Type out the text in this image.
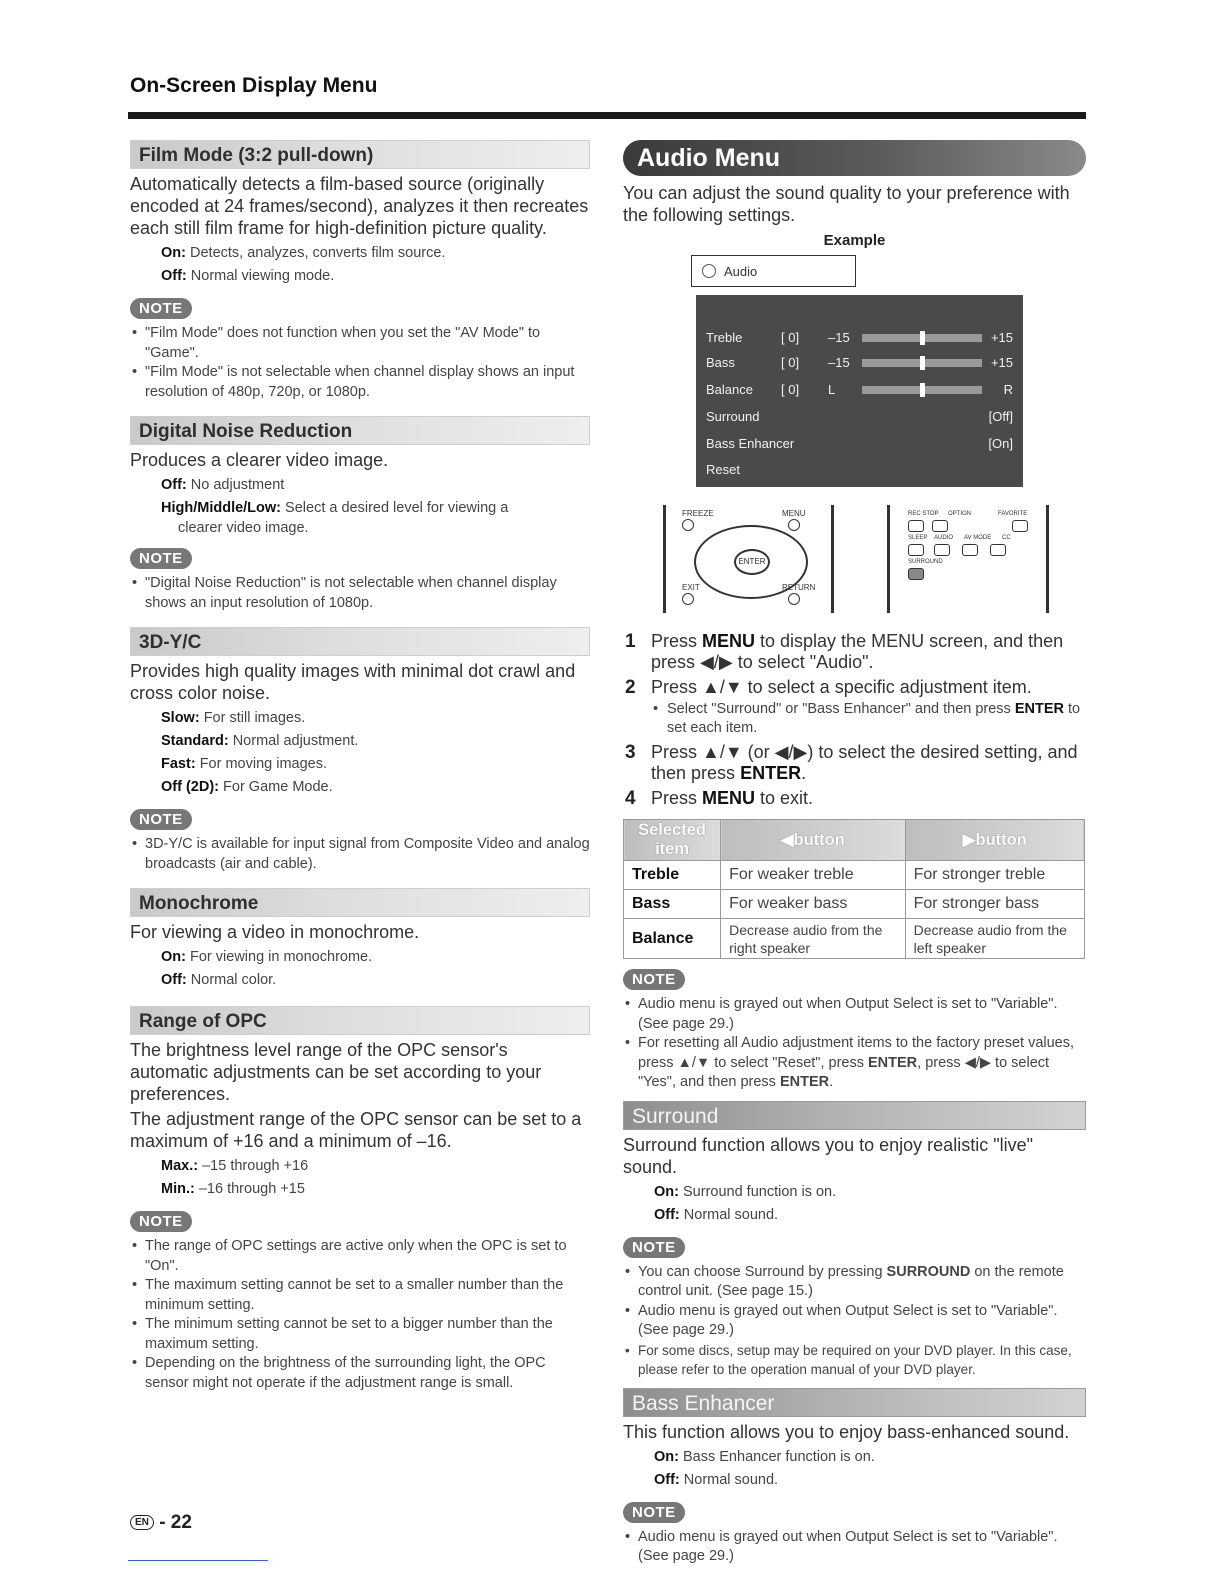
On-Screen Display Menu
Film Mode (3:2 pull-down)

Automatically detects a film-based source (originally encoded at 24 frames/second), analyzes it then recreates each still film frame for high-definition picture quality.

On: Detects, analyzes, converts film source.
Off: Normal viewing mode.
NOTE
• "Film Mode" does not function when you set the "AV Mode" to "Game".
• "Film Mode" is not selectable when channel display shows an input resolution of 480p, 720p, or 1080p.
Digital Noise Reduction

Produces a clearer video image.

Off: No adjustment
High/Middle/Low: Select a desired level for viewing a
clearer video image.
NOTE
• "Digital Noise Reduction" is not selectable when channel display shows an input resolution of 1080p.
3D-Y/C

Provides high quality images with minimal dot crawl and cross color noise.

Slow: For still images.
Standard: Normal adjustment.
Fast: For moving images.
Off (2D): For Game Mode.
NOTE
• 3D-Y/C is available for input signal from Composite Video and analog broadcasts (air and cable).
Monochrome

For viewing a video in monochrome.

On: For viewing in monochrome.
Off: Normal color.
Range of OPC

The brightness level range of the OPC sensor's automatic adjustments can be set according to your preferences.

The adjustment range of the OPC sensor can be set to a maximum of +16 and a minimum of –16.

Max.: –15 through +16
Min.: –16 through +15
NOTE
• The range of OPC settings are active only when the OPC is set to "On".
• The maximum setting cannot be set to a smaller number than the minimum setting.
• The minimum setting cannot be set to a bigger number than the maximum setting.
• Depending on the brightness of the surrounding light, the OPC sensor might not operate if the adjustment range is small.
Audio Menu

You can adjust the sound quality to your preference with the following settings.

Example
Audio
Treble	[ 0] –15	+15
Bass	[ 0] –15	+15
Balance [ 0] L	R
Surround	[Off]
Bass Enhancer	[On]
Reset
FREEZE	MENU
ENTER
EXIT	RETURN
REC STOP OPTION	FAVORITE
SLEEP AUDIO AV MODE CC
SURROUND
1 Press MENU to display the MENU screen, and then press ◀/▶ to select "Audio".
2 Press ▲/▼ to select a specific adjustment item.
• Select "Surround" or "Bass Enhancer" and then press ENTER to set each item.
3 Press ▲/▼ (or ◀/▶) to select the desired setting, and then press ENTER.
4 Press MENU to exit.
Selected item	◀button	▶button
Treble	For weaker treble	For stronger treble
Bass	For weaker bass	For stronger bass
Balance	Decrease audio from the right speaker	Decrease audio from the left speaker
NOTE
• Audio menu is grayed out when Output Select is set to "Variable". (See page 29.)
• For resetting all Audio adjustment items to the factory preset values, press ▲/▼ to select "Reset", press ENTER, press ◀/▶ to select "Yes", and then press ENTER.
Surround

Surround function allows you to enjoy realistic "live" sound.

On: Surround function is on.
Off: Normal sound.
NOTE
• You can choose Surround by pressing SURROUND on the remote control unit. (See page 15.)
• Audio menu is grayed out when Output Select is set to "Variable". (See page 29.)
• For some discs, setup may be required on your DVD player. In this case, please refer to the operation manual of your DVD player.
Bass Enhancer

This function allows you to enjoy bass-enhanced sound.

On: Bass Enhancer function is on.
Off: Normal sound.
NOTE
• Audio menu is grayed out when Output Select is set to "Variable". (See page 29.)
EN - 22
